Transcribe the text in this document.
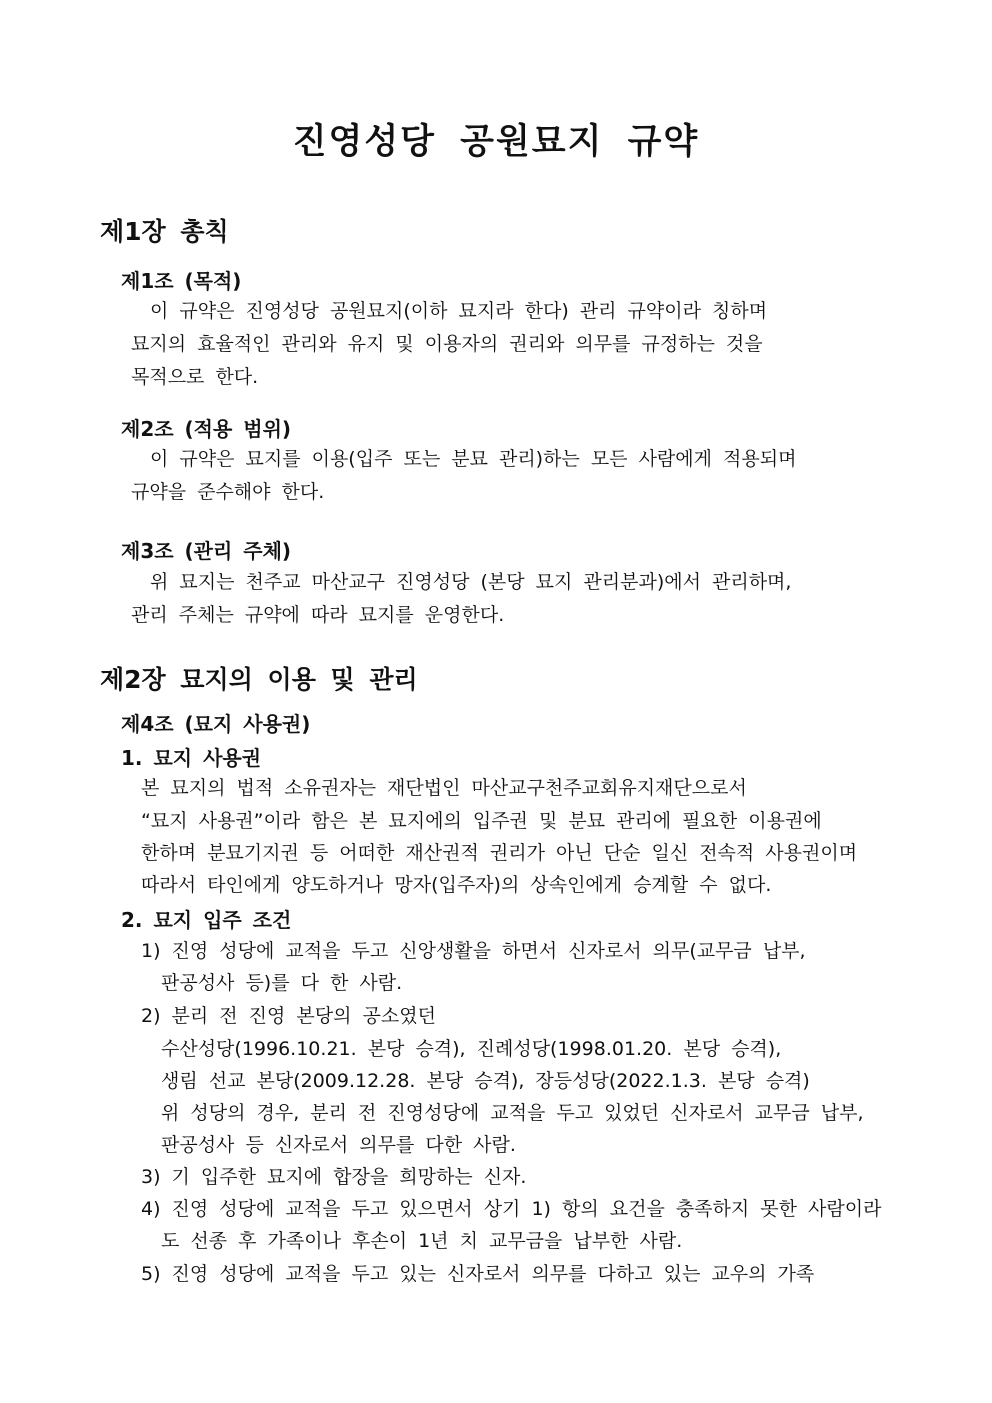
진영성당 공원묘지 규약
제1장 총칙
제1조 (목적)
이 규약은 진영성당 공원묘지(이하 묘지라 한다) 관리 규약이라 칭하며
묘지의 효율적인 관리와 유지 및 이용자의 권리와 의무를 규정하는 것을
목적으로 한다.
제2조 (적용 범위)
이 규약은 묘지를 이용(입주 또는 분묘 관리)하는 모든 사람에게 적용되며
규약을 준수해야 한다.
제3조 (관리 주체)
위 묘지는 천주교 마산교구 진영성당 (본당 묘지 관리분과)에서 관리하며,
관리 주체는 규약에 따라 묘지를 운영한다.
제2장 묘지의 이용 및 관리
제4조 (묘지 사용권)
1. 묘지 사용권
본 묘지의 법적 소유권자는 재단법인 마산교구천주교회유지재단으로서
“묘지 사용권”이라 함은 본 묘지에의 입주권 및 분묘 관리에 필요한 이용권에
한하며 분묘기지권 등 어떠한 재산권적 권리가 아닌 단순 일신 전속적 사용권이며
따라서 타인에게 양도하거나 망자(입주자)의 상속인에게 승계할 수 없다.
2. 묘지 입주 조건
1) 진영 성당에 교적을 두고 신앙생활을 하면서 신자로서 의무(교무금 납부,
판공성사 등)를 다 한 사람.
2) 분리 전 진영 본당의 공소였던
수산성당(1996.10.21. 본당 승격), 진례성당(1998.01.20. 본당 승격),
생림 선교 본당(2009.12.28. 본당 승격), 장등성당(2022.1.3. 본당 승격)
위 성당의 경우, 분리 전 진영성당에 교적을 두고 있었던 신자로서 교무금 납부,
판공성사 등 신자로서 의무를 다한 사람.
3) 기 입주한 묘지에 합장을 희망하는 신자.
4) 진영 성당에 교적을 두고 있으면서 상기 1) 항의 요건을 충족하지 못한 사람이라
도 선종 후 가족이나 후손이 1년 치 교무금을 납부한 사람.
5) 진영 성당에 교적을 두고 있는 신자로서 의무를 다하고 있는 교우의 가족
